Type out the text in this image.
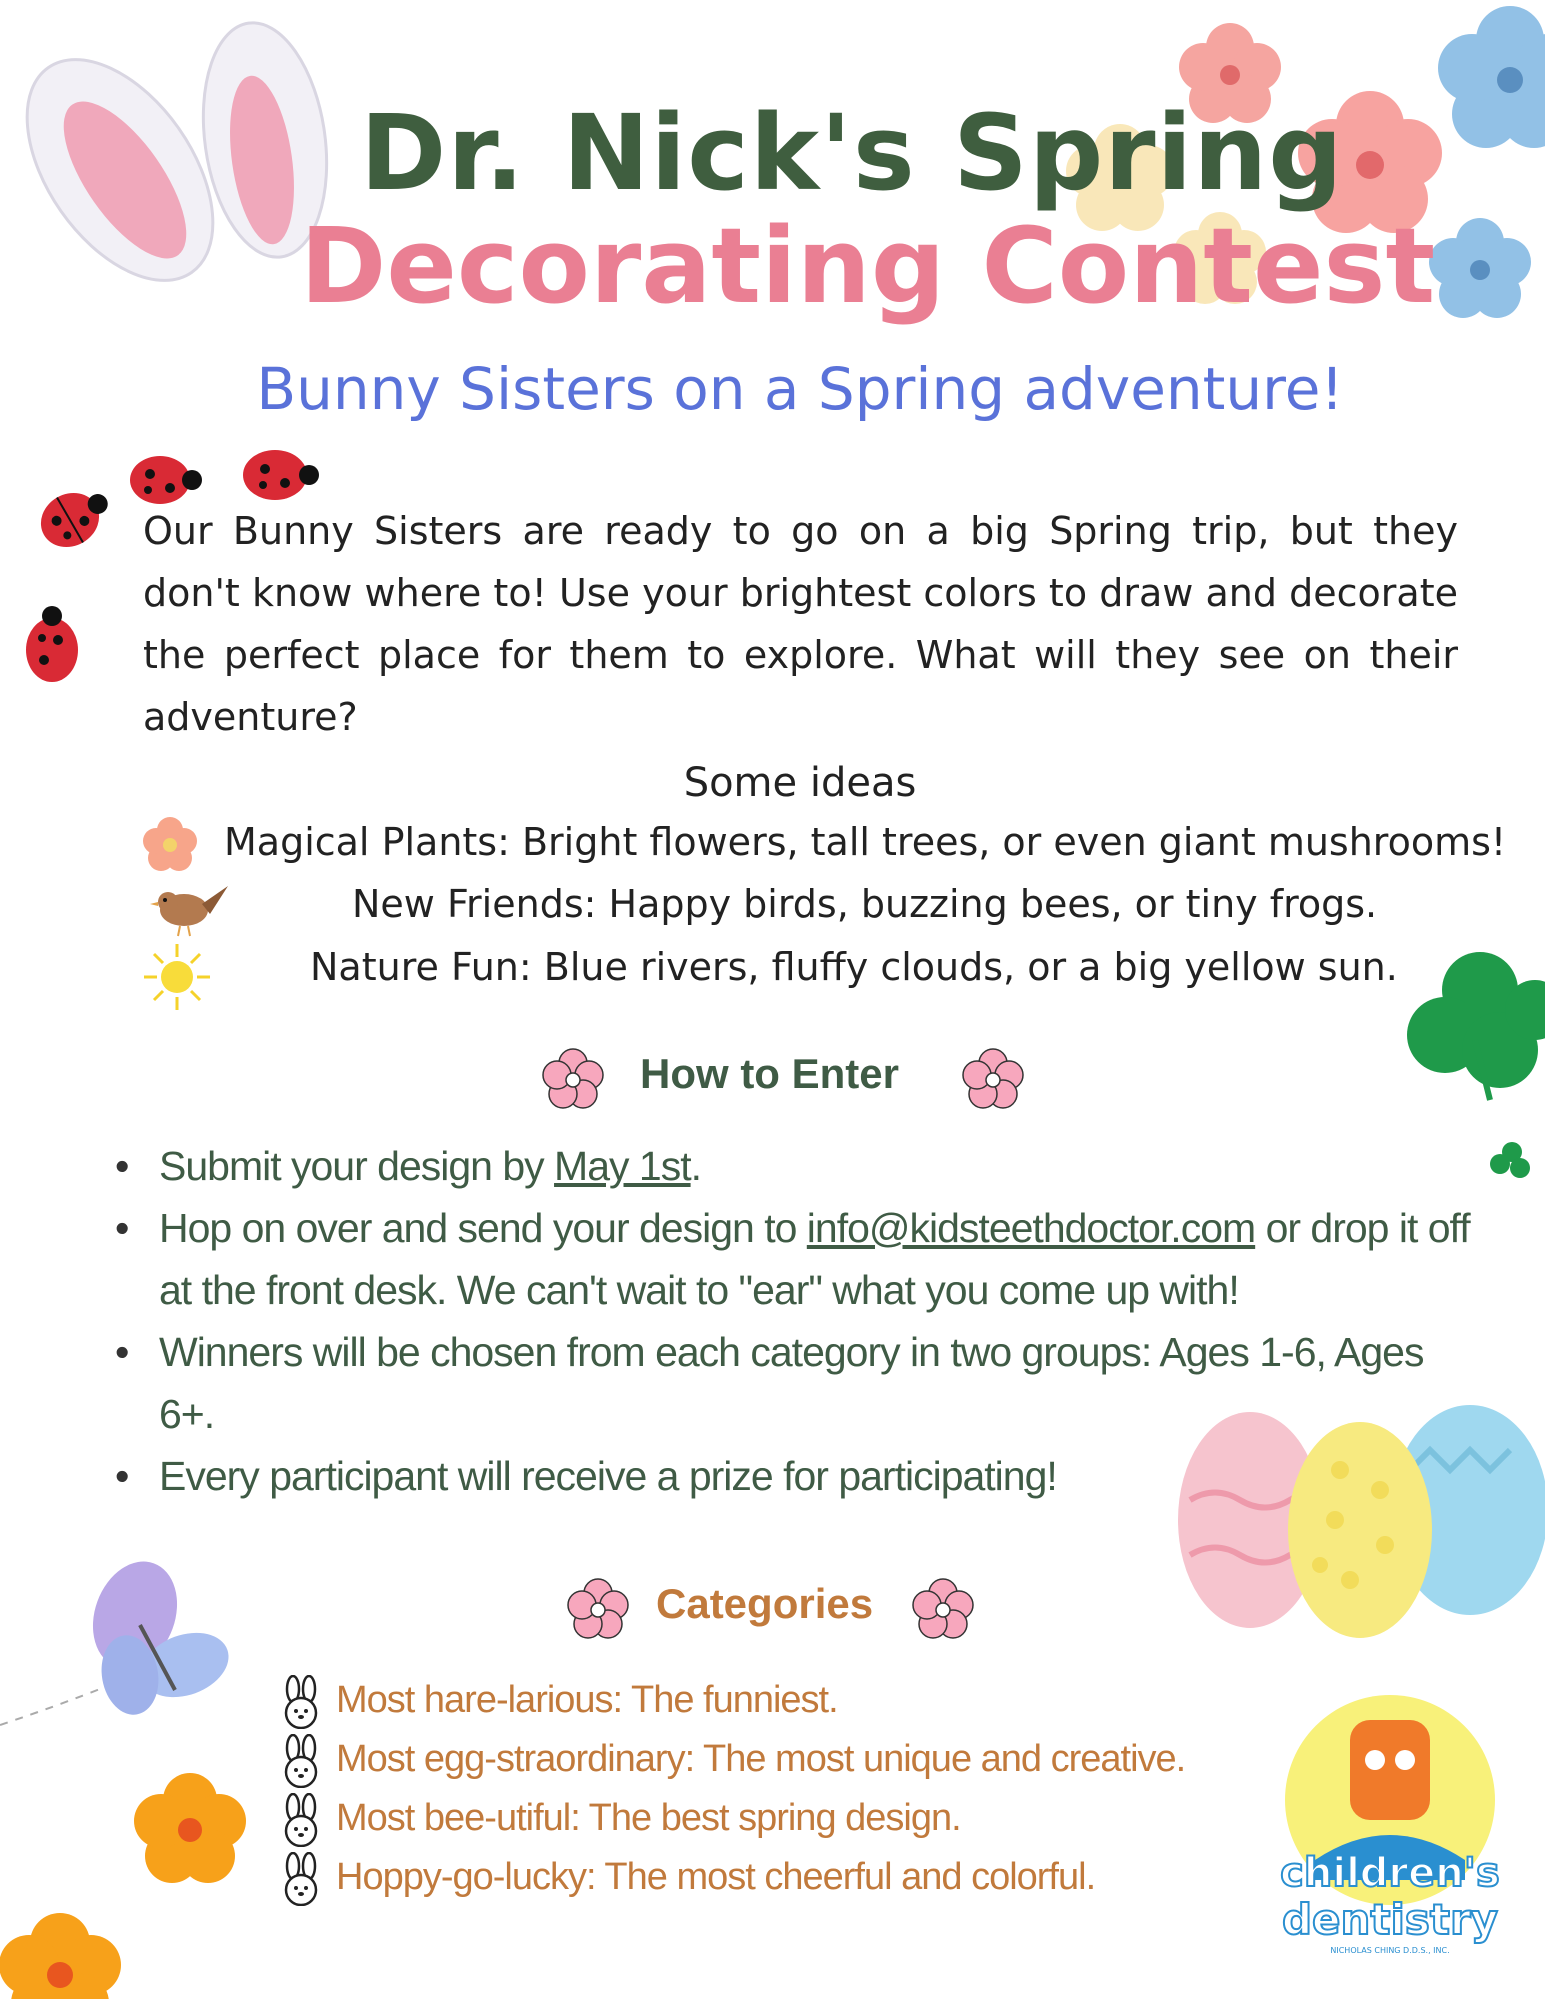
Dr. Nick's Spring
Decorating Contest
Bunny Sisters on a Spring adventure!
Our Bunny Sisters are ready to go on a big Spring trip, but they don't know where to! Use your brightest colors to draw and decorate the perfect place for them to explore. What will they see on their adventure?
Some ideas
Magical Plants: Bright flowers, tall trees, or even giant mushrooms!
New Friends: Happy birds, buzzing bees, or tiny frogs.
Nature Fun: Blue rivers, fluffy clouds, or a big yellow sun.
How to Enter
• Submit your design by May 1st.
• Hop on over and send your design to info@kidsteethdoctor.com or drop it off at the front desk. We can't wait to "ear" what you come up with!
• Winners will be chosen from each category in two groups: Ages 1-6, Ages 6+.
• Every participant will receive a prize for participating!
Categories
Most hare-larious: The funniest.
Most egg-straordinary: The most unique and creative.
Most bee-utiful: The best spring design.
Hoppy-go-lucky: The most cheerful and colorful.	children's
dentistry
NICHOLAS CHING D.D.S., INC.
